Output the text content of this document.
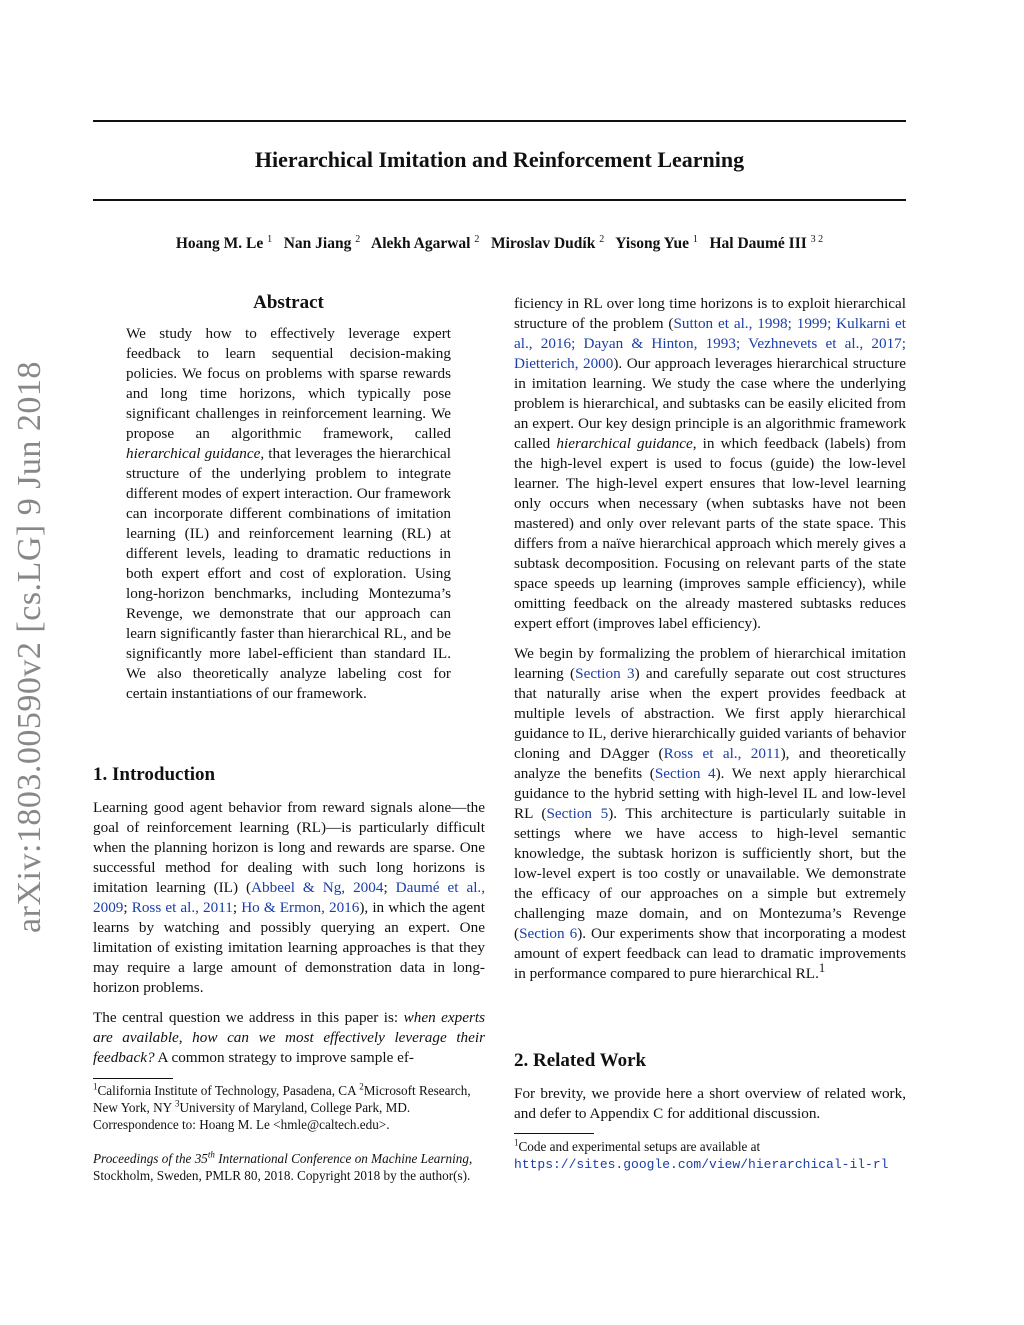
Hierarchical Imitation and Reinforcement Learning
Hoang M. Le $^1$ Nan Jiang $^2$ Alekh Agarwal $^2$ Miroslav Dudík $^2$ Yisong Yue $^1$ Hal Daumé III $^{3 2}$
arXiv:1803.00590v2 [cs.LG] 9 Jun 2018
Abstract

We study how to effectively leverage expert feedback to learn sequential decision-making policies. We focus on problems with sparse rewards and long time horizons, which typically pose significant challenges in reinforcement learning. We propose an algorithmic framework, called hierarchical guidance, that leverages the hierarchical structure of the underlying problem to integrate different modes of expert interaction. Our framework can incorporate different combinations of imitation learning (IL) and reinforcement learning (RL) at different levels, leading to dramatic reductions in both expert effort and cost of exploration. Using long-horizon benchmarks, including Montezuma’s Revenge, we demonstrate that our approach can learn significantly faster than hierarchical RL, and be significantly more label-efficient than standard IL. We also theoretically analyze labeling cost for certain instantiations of our framework.

1. Introduction

Learning good agent behavior from reward signals alone—the goal of reinforcement learning (RL)—is particularly difficult when the planning horizon is long and rewards are sparse. One successful method for dealing with such long horizons is imitation learning (IL) (Abbeel & Ng, 2004; Daumé et al., 2009; Ross et al., 2011; Ho & Ermon, 2016), in which the agent learns by watching and possibly querying an expert. One limitation of existing imitation learning approaches is that they may require a large amount of demonstration data in long-horizon problems.

The central question we address in this paper is: when experts are available, how can we most effectively leverage their feedback? A common strategy to improve sample ef-

$^1$California Institute of Technology, Pasadena, CA $^2$Microsoft Research, New York, NY $^3$University of Maryland, College Park, MD. Correspondence to: Hoang M. Le <hmle@caltech.edu>.
Proceedings of the 35th International Conference on Machine Learning, Stockholm, Sweden, PMLR 80, 2018. Copyright 2018 by the author(s).

ficiency in RL over long time horizons is to exploit hierarchical structure of the problem (Sutton et al., 1998; 1999; Kulkarni et al., 2016; Dayan & Hinton, 1993; Vezhnevets et al., 2017; Dietterich, 2000). Our approach leverages hierarchical structure in imitation learning. We study the case where the underlying problem is hierarchical, and subtasks can be easily elicited from an expert. Our key design principle is an algorithmic framework called hierarchical guidance, in which feedback (labels) from the high-level expert is used to focus (guide) the low-level learner. The high-level expert ensures that low-level learning only occurs when necessary (when subtasks have not been mastered) and only over relevant parts of the state space. This differs from a naïve hierarchical approach which merely gives a subtask decomposition. Focusing on relevant parts of the state space speeds up learning (improves sample efficiency), while omitting feedback on the already mastered subtasks reduces expert effort (improves label efficiency).

We begin by formalizing the problem of hierarchical imitation learning (Section 3) and carefully separate out cost structures that naturally arise when the expert provides feedback at multiple levels of abstraction. We first apply hierarchical guidance to IL, derive hierarchically guided variants of behavior cloning and DAgger (Ross et al., 2011), and theoretically analyze the benefits (Section 4). We next apply hierarchical guidance to the hybrid setting with high-level IL and low-level RL (Section 5). This architecture is particularly suitable in settings where we have access to high-level semantic knowledge, the subtask horizon is sufficiently short, but the low-level expert is too costly or unavailable. We demonstrate the efficacy of our approaches on a simple but extremely challenging maze domain, and on Montezuma’s Revenge (Section 6). Our experiments show that incorporating a modest amount of expert feedback can lead to dramatic improvements in performance compared to pure hierarchical RL.$^1$

2. Related Work

For brevity, we provide here a short overview of related work, and defer to Appendix C for additional discussion.

$^1$Code and experimental setups are available at https://sites.google.com/view/hierarchical-il-rl
